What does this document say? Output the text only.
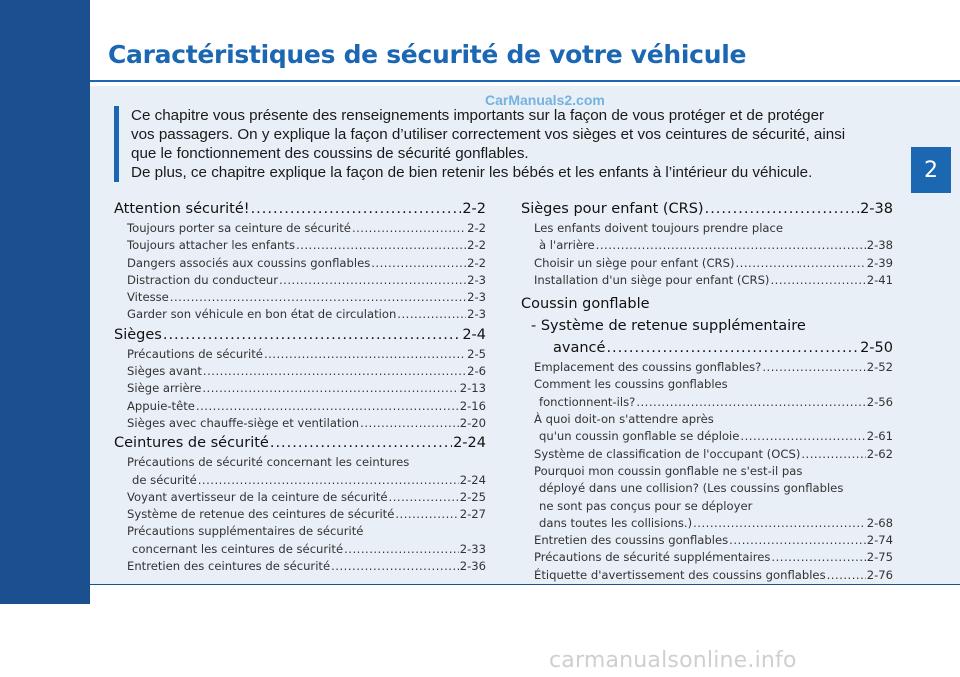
Caractéristiques de sécurité de votre véhicule
CarManuals2.com

Ce chapitre vous présente des renseignements importants sur la façon de vous protéger et de protéger

vos passagers. On y explique la façon d’utiliser correctement vos sièges et vos ceintures de sécurité, ainsi

que le fonctionnement des coussins de sécurité gonflables.

De plus, ce chapitre explique la façon de bien retenir les bébés et les enfants à l’intérieur du véhicule.	2
Attention sécurité! .....	2-2
Toujours porter sa ceinture de sécurité .....	2-2
Toujours attacher les enfants .....	2-2
Dangers associés aux coussins gonflables .....	2-2
Distraction du conducteur .....	2-3
Vitesse .....	2-3
Garder son véhicule en bon état de circulation .....	2-3
Sièges .....	2-4
Précautions de sécurité .....	2-5
Sièges avant .....	2-6
Siège arrière .....	2-13
Appuie-tête .....	2-16
Sièges avec chauffe-siège et ventilation .....	2-20
Ceintures de sécurité .....	2-24
Précautions de sécurité concernant les ceintures
de sécurité .....	2-24
Voyant avertisseur de la ceinture de sécurité .....	2-25
Système de retenue des ceintures de sécurité .....	2-27
Précautions supplémentaires de sécurité
concernant les ceintures de sécurité .....	2-33
Entretien des ceintures de sécurité .....	2-36
Sièges pour enfant (CRS) .....	2-38
Les enfants doivent toujours prendre place
à l'arrière .....	2-38
Choisir un siège pour enfant (CRS) .....	2-39
Installation d'un siège pour enfant (CRS) .....	2-41
Coussin gonflable
- Système de retenue supplémentaire
avancé .....	2-50
Emplacement des coussins gonflables? .....	2-52
Comment les coussins gonflables
fonctionnent-ils? .....	2-56
À quoi doit-on s'attendre après
qu'un coussin gonflable se déploie .....	2-61
Système de classification de l'occupant (OCS) .....	2-62
Pourquoi mon coussin gonflable ne s'est-il pas
déployé dans une collision? (Les coussins gonflables
ne sont pas conçus pour se déployer
dans toutes les collisions.) .....	2-68
Entretien des coussins gonflables .....	2-74
Précautions de sécurité supplémentaires .....	2-75
Étiquette d'avertissement des coussins gonflables .....	2-76
carmanualsonline.info
